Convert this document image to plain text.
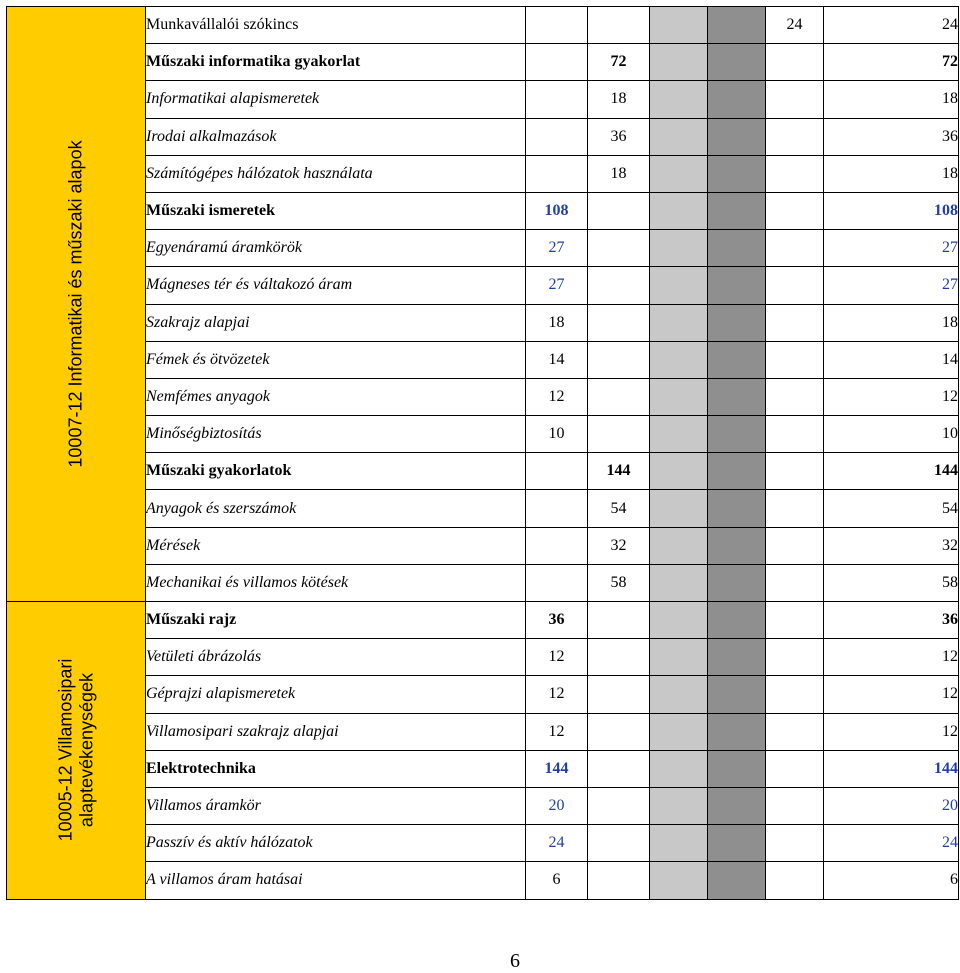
10007-12 Informatikai és műszaki alapok	Munkavállalói szókincs					24	24
	Műszaki informatika gyakorlat		72				72
	Informatikai alapismeretek		18				18
	Irodai alkalmazások		36				36
	Számítógépes hálózatok használata		18				18
	Műszaki ismeretek	108					108
	Egyenáramú áramkörök	27					27
	Mágneses tér és váltakozó áram	27					27
	Szakrajz alapjai	18					18
	Fémek és ötvözetek	14					14
	Nemfémes anyagok	12					12
	Minőségbiztosítás	10					10
	Műszaki gyakorlatok		144				144
	Anyagok és szerszámok		54				54
	Mérések		32				32
	Mechanikai és villamos kötések		58				58

10005-12 Villamosipari
alaptevékenységek	Műszaki rajz	36					36
	Vetületi ábrázolás	12					12
	Géprajzi alapismeretek	12					12
	Villamosipari szakrajz alapjai	12					12
	Elektrotechnika	144					144
	Villamos áramkör	20					20
	Passzív és aktív hálózatok	24					24
	A villamos áram hatásai	6					6
6
